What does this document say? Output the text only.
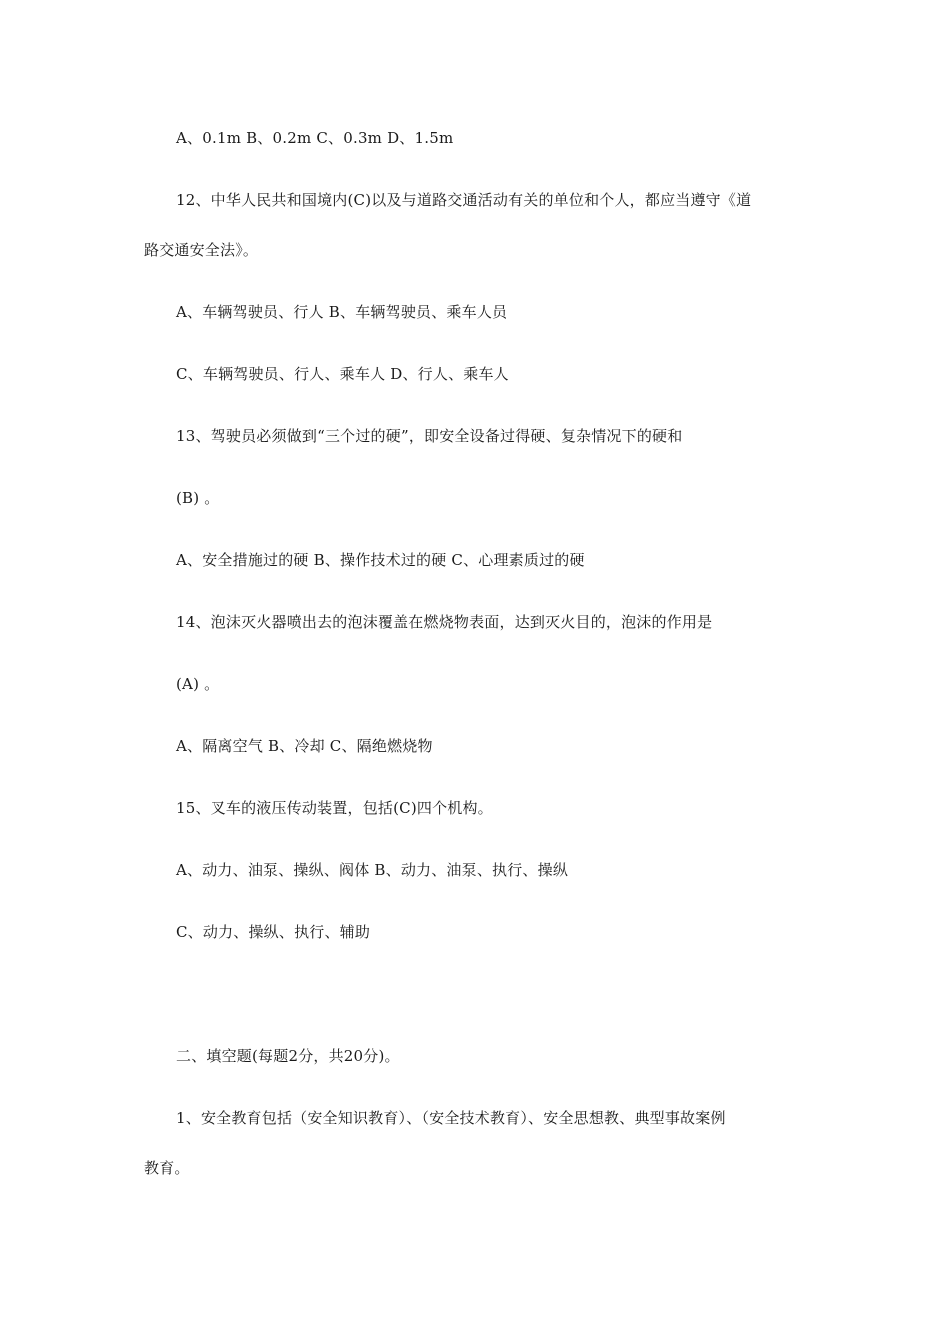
A、0.1m B、0.2m C、0.3m D、1.5m
12、中华人民共和国境内(C)以及与道路交通活动有关的单位和个人，都应当遵守《道
路交通安全法》。
A、车辆驾驶员、行人 B、车辆驾驶员、乘车人员
C、车辆驾驶员、行人、乘车人 D、行人、乘车人
13、驾驶员必须做到“三个过的硬”，即安全设备过得硬、复杂情况下的硬和
(B) 。
A、安全措施过的硬 B、操作技术过的硬 C、心理素质过的硬
14、泡沫灭火器喷出去的泡沫覆盖在燃烧物表面，达到灭火目的，泡沫的作用是
(A) 。
A、隔离空气 B、冷却 C、隔绝燃烧物
15、叉车的液压传动装置，包括(C)四个机构。
A、动力、油泵、操纵、阀体 B、动力、油泵、执行、操纵
C、动力、操纵、执行、辅助
二、填空题(每题2分，共20分)。
1、安全教育包括（安全知识教育）、（安全技术教育）、安全思想教、典型事故案例
教育。
